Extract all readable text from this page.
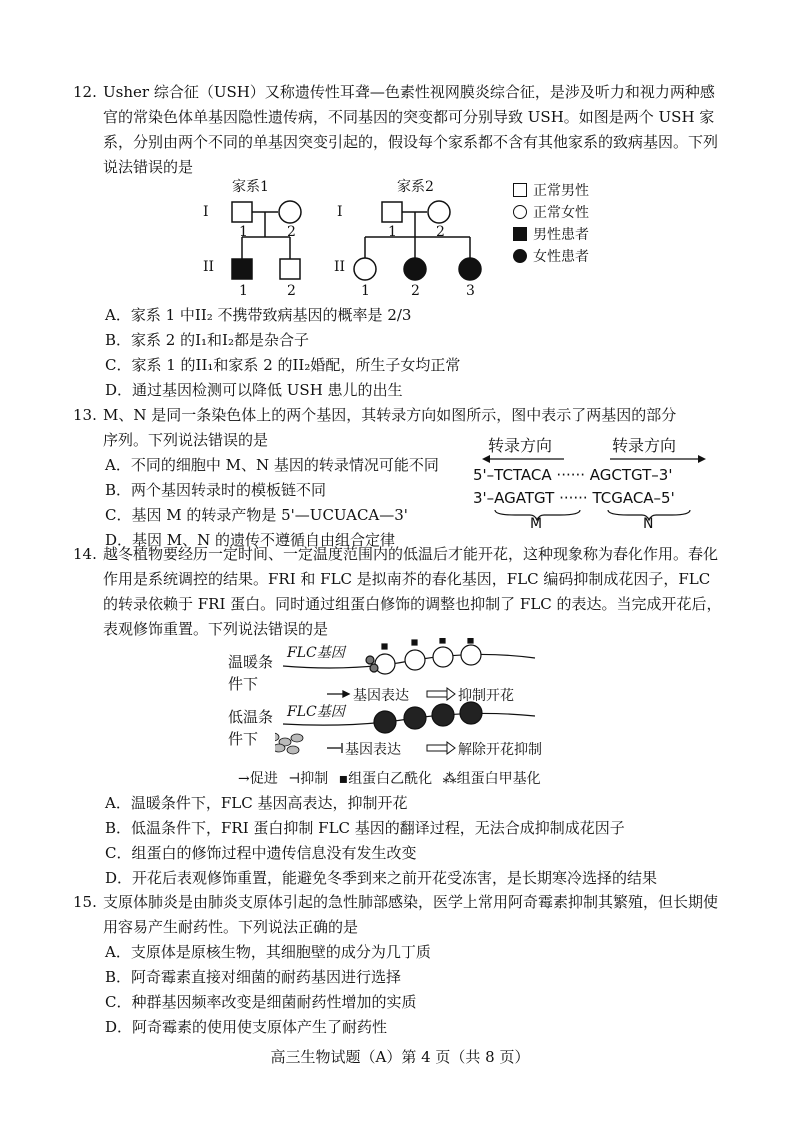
12. Usher 综合征（USH）又称遗传性耳聋—色素性视网膜炎综合征，是涉及听力和视力两种感官的常染色体单基因隐性遗传病，不同基因的突变都可分别导致 USH。如图是两个 USH 家系，分别由两个不同的单基因突变引起的，假设每个家系都不含有其他家系的致病基因。下列说法错误的是
家系1	家系2
I
II
I
II
1	2
1	2
1	2
1	2	3
正常男性
正常女性
男性患者
女性患者
A．家系 1 中II₂ 不携带致病基因的概率是 2/3
B．家系 2 的I₁和I₂都是杂合子
C．家系 1 的II₁和家系 2 的II₂婚配，所生子女均正常
D．通过基因检测可以降低 USH 患儿的出生
13. M、N 是同一条染色体上的两个基因，其转录方向如图所示，图中表示了两基因的部分
序列。下列说法错误的是
A．不同的细胞中 M、N 基因的转录情况可能不同
B．两个基因转录时的模板链不同
C．基因 M 的转录产物是 5'—UCUACA—3'
D．基因 M、N 的遗传不遵循自由组合定律
转录方向	转录方向
5'–TCTACA ······ AGCTGT–3'
3'–AGATGT ······ TCGACA–5'
M	N
14. 越冬植物要经历一定时间、一定温度范围内的低温后才能开花，这种现象称为春化作用。春化作用是系统调控的结果。FRI 和 FLC 是拟南芥的春化基因，FLC 编码抑制成花因子，FLC 的转录依赖于 FRI 蛋白。同时通过组蛋白修饰的调整也抑制了 FLC 的表达。当完成开花后，表观修饰重置。下列说法错误的是
温暖条件下
低温条件下
FLC基因
FLC基因
基因表达	抑制开花
基因表达	解除开花抑制
→促进 ⊣抑制 ▪组蛋白乙酰化 ⁂组蛋白甲基化
A．温暖条件下，FLC 基因高表达，抑制开花
B．低温条件下，FRI 蛋白抑制 FLC 基因的翻译过程，无法合成抑制成花因子
C．组蛋白的修饰过程中遗传信息没有发生改变
D．开花后表观修饰重置，能避免冬季到来之前开花受冻害，是长期寒冷选择的结果
15. 支原体肺炎是由肺炎支原体引起的急性肺部感染，医学上常用阿奇霉素抑制其繁殖，但长期使用容易产生耐药性。下列说法正确的是
A．支原体是原核生物，其细胞壁的成分为几丁质
B．阿奇霉素直接对细菌的耐药基因进行选择
C．种群基因频率改变是细菌耐药性增加的实质
D．阿奇霉素的使用使支原体产生了耐药性
高三生物试题（A）第 4 页（共 8 页）
